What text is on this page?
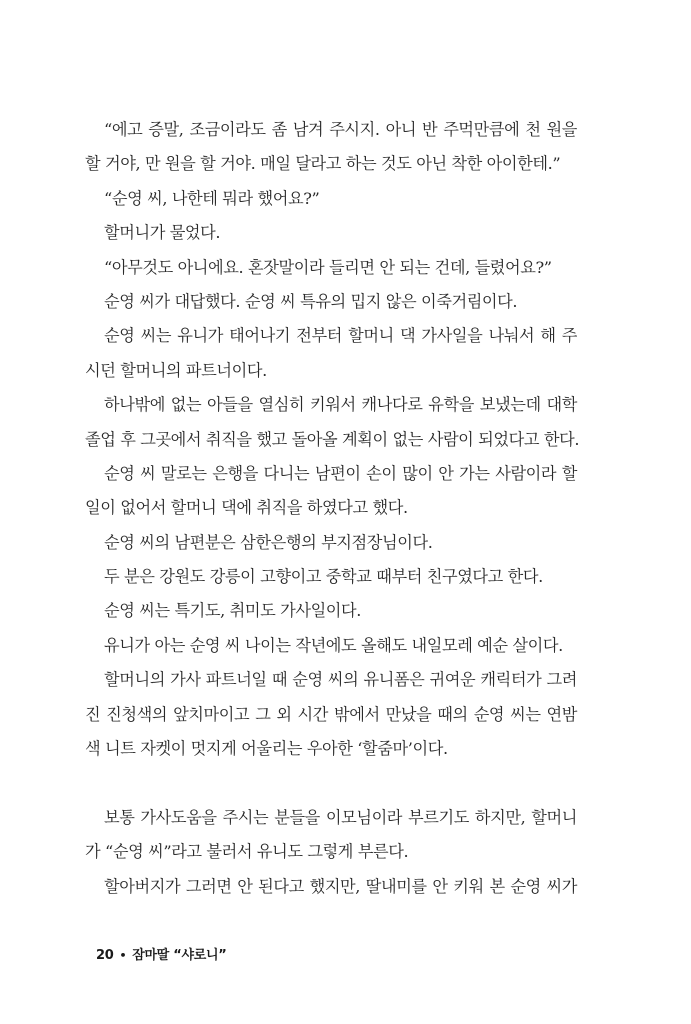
“에고 증말, 조금이라도 좀 남겨 주시지. 아니 반 주먹만큼에 천 원을
할 거야, 만 원을 할 거야. 매일 달라고 하는 것도 아닌 착한 아이한테.”
“순영 씨, 나한테 뭐라 했어요?”
할머니가 물었다.
“아무것도 아니에요. 혼잣말이라 들리면 안 되는 건데, 들렸어요?”
순영 씨가 대답했다. 순영 씨 특유의 밉지 않은 이죽거림이다.
순영 씨는 유니가 태어나기 전부터 할머니 댁 가사일을 나눠서 해 주
시던 할머니의 파트너이다.
하나밖에 없는 아들을 열심히 키워서 캐나다로 유학을 보냈는데 대학
졸업 후 그곳에서 취직을 했고 돌아올 계획이 없는 사람이 되었다고 한다.
순영 씨 말로는 은행을 다니는 남편이 손이 많이 안 가는 사람이라 할
일이 없어서 할머니 댁에 취직을 하였다고 했다.
순영 씨의 남편분은 삼한은행의 부지점장님이다.
두 분은 강원도 강릉이 고향이고 중학교 때부터 친구였다고 한다.
순영 씨는 특기도, 취미도 가사일이다.
유니가 아는 순영 씨 나이는 작년에도 올해도 내일모레 예순 살이다.
할머니의 가사 파트너일 때 순영 씨의 유니폼은 귀여운 캐릭터가 그려
진 진청색의 앞치마이고 그 외 시간 밖에서 만났을 때의 순영 씨는 연밤
색 니트 자켓이 멋지게 어울리는 우아한 ‘할줌마’이다.
보통 가사도움을 주시는 분들을 이모님이라 부르기도 하지만, 할머니
가 “순영 씨”라고 불러서 유니도 그렇게 부른다.
할아버지가 그러면 안 된다고 했지만, 딸내미를 안 키워 본 순영 씨가
20 • 잠마딸 “샤로니”
